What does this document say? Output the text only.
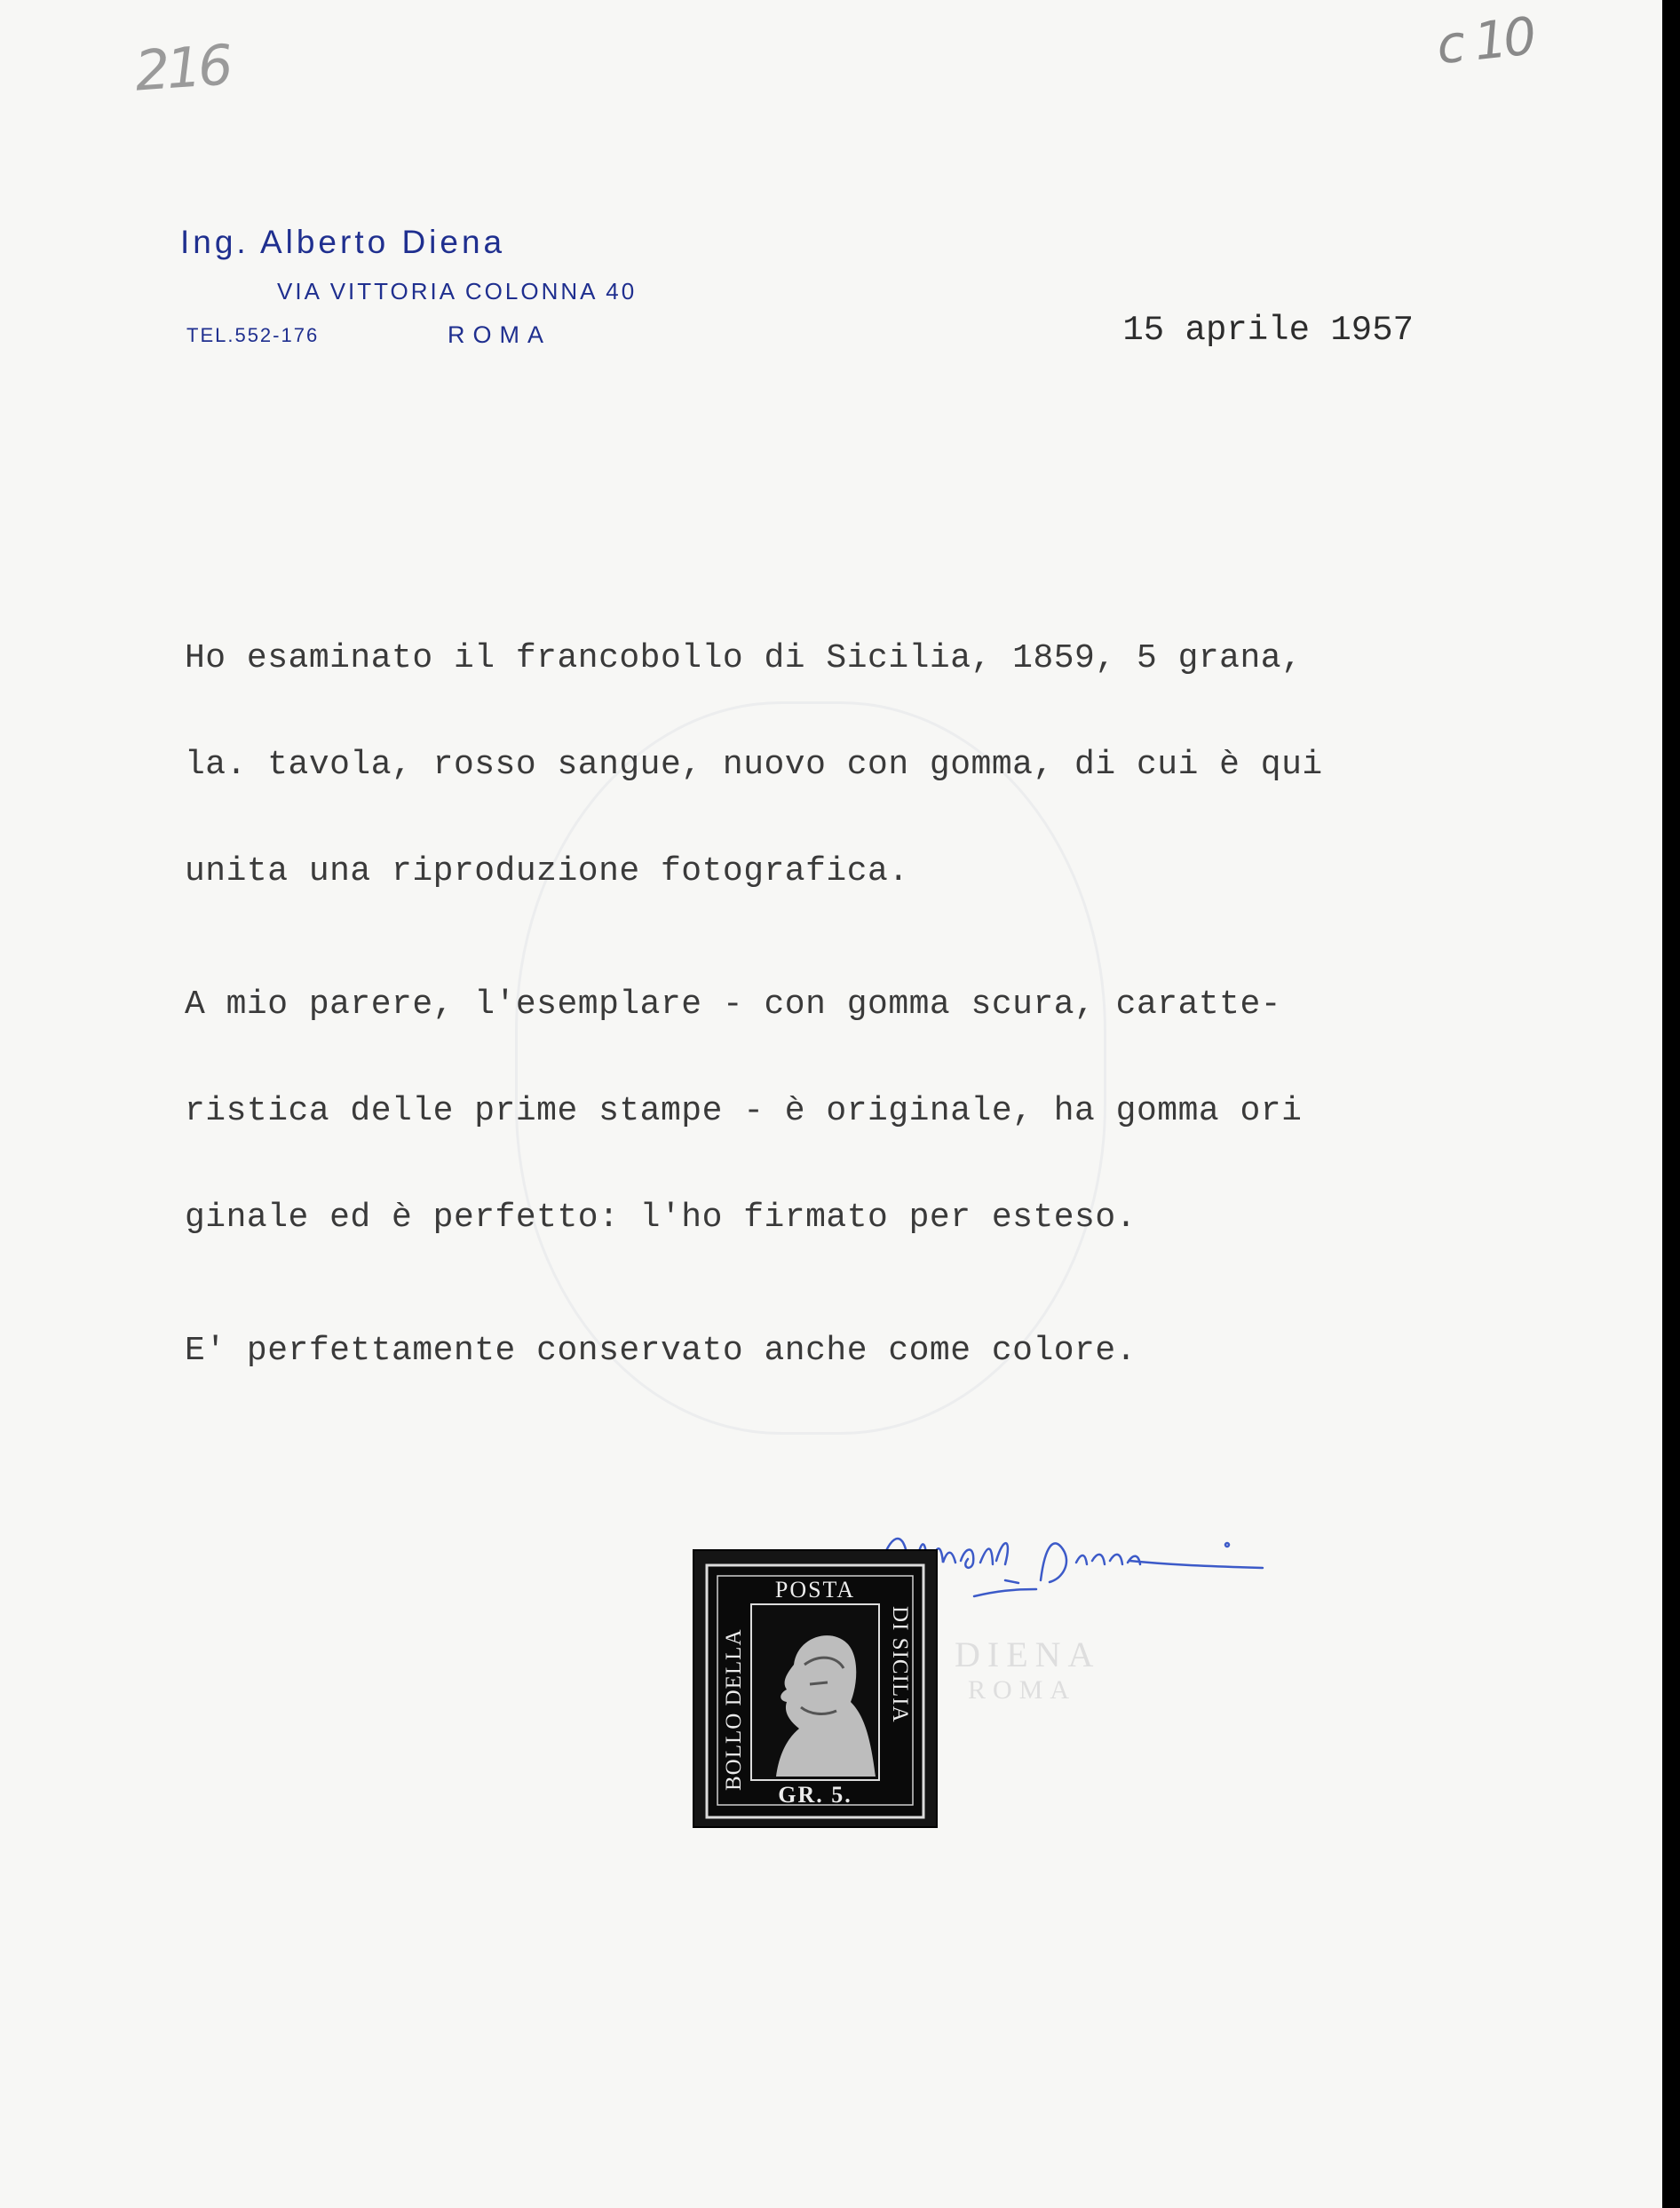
216	c 10
Ing. Alberto Diena
VIA VITTORIA COLONNA 40
TEL.552-176	ROMA	15 aprile 1957
Ho esaminato il francobollo di Sicilia, 1859, 5 grana,
la. tavola, rosso sangue, nuovo con gomma, di cui è qui
unita una riproduzione fotografica.
A mio parere, l'esemplare - con gomma scura, caratte-
ristica delle prime stampe - è originale, ha gomma ori
ginale ed è perfetto: l'ho firmato per esteso.
E' perfettamente conservato anche come colore.
DIENA
ROMA
POSTA
BOLLO DELLA	DI SICILIA
GR. 5.
